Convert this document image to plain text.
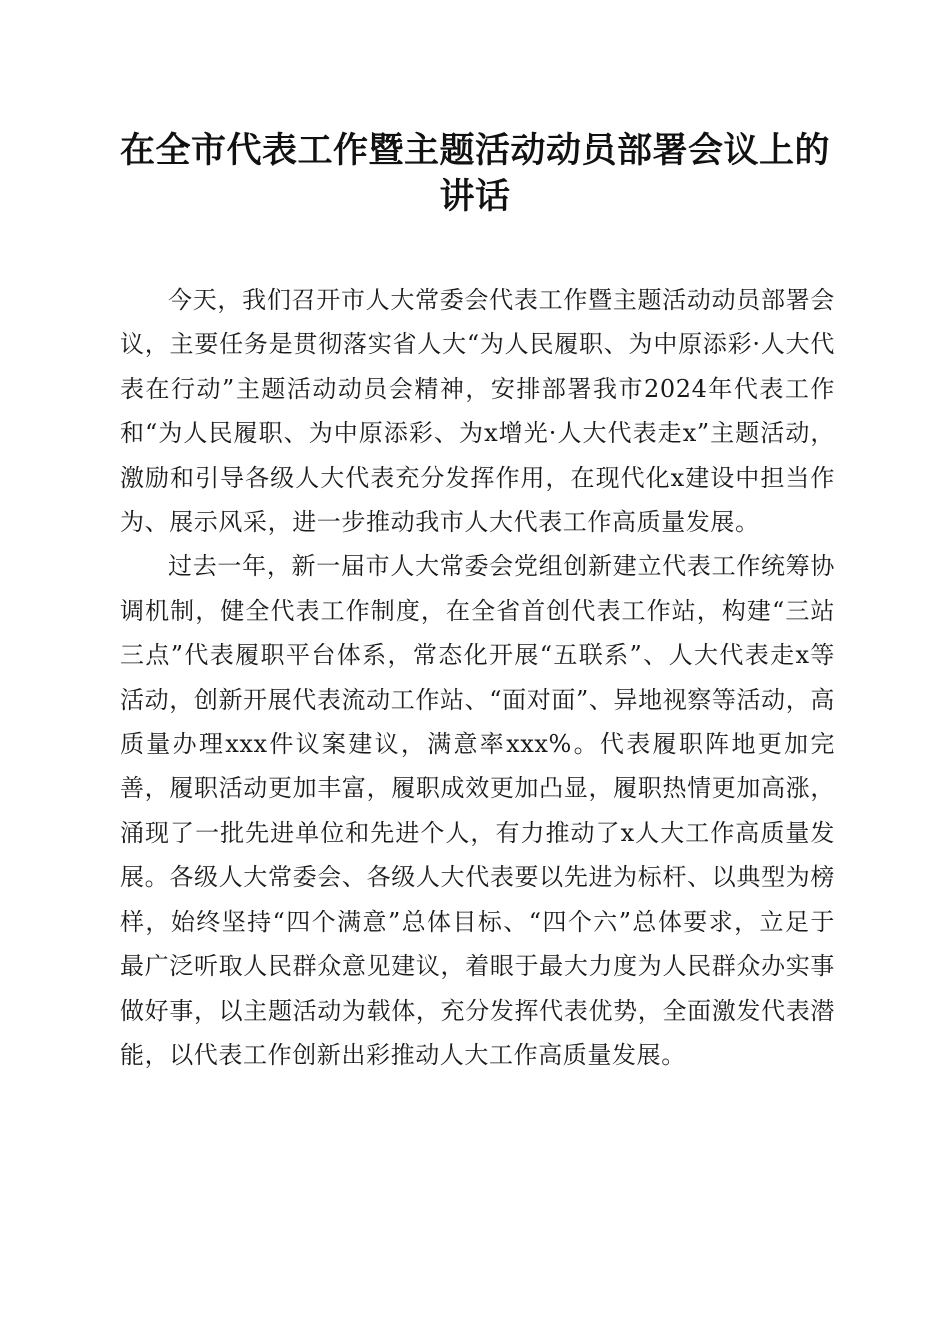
在全市代表工作暨主题活动动员部署会议上的
讲话

今天，我们召开市人大常委会代表工作暨主题活动动员部署会议，主要任务是贯彻落实省人大“为人民履职、为中原添彩·人大代表在行动”主题活动动员会精神，安排部署我市2024年代表工作和“为人民履职、为中原添彩、为x增光·人大代表走x”主题活动，激励和引导各级人大代表充分发挥作用，在现代化x建设中担当作为、展示风采，进一步推动我市人大代表工作高质量发展。

过去一年，新一届市人大常委会党组创新建立代表工作统筹协调机制，健全代表工作制度，在全省首创代表工作站，构建“三站三点”代表履职平台体系，常态化开展“五联系”、人大代表走x等活动，创新开展代表流动工作站、“面对面”、异地视察等活动，高质量办理xxx件议案建议，满意率xxx%。代表履职阵地更加完善，履职活动更加丰富，履职成效更加凸显，履职热情更加高涨，涌现了一批先进单位和先进个人，有力推动了x人大工作高质量发展。各级人大常委会、各级人大代表要以先进为标杆、以典型为榜样，始终坚持“四个满意”总体目标、“四个六”总体要求，立足于最广泛听取人民群众意见建议，着眼于最大力度为人民群众办实事做好事，以主题活动为载体，充分发挥代表优势，全面激发代表潜能，以代表工作创新出彩推动人大工作高质量发展。
